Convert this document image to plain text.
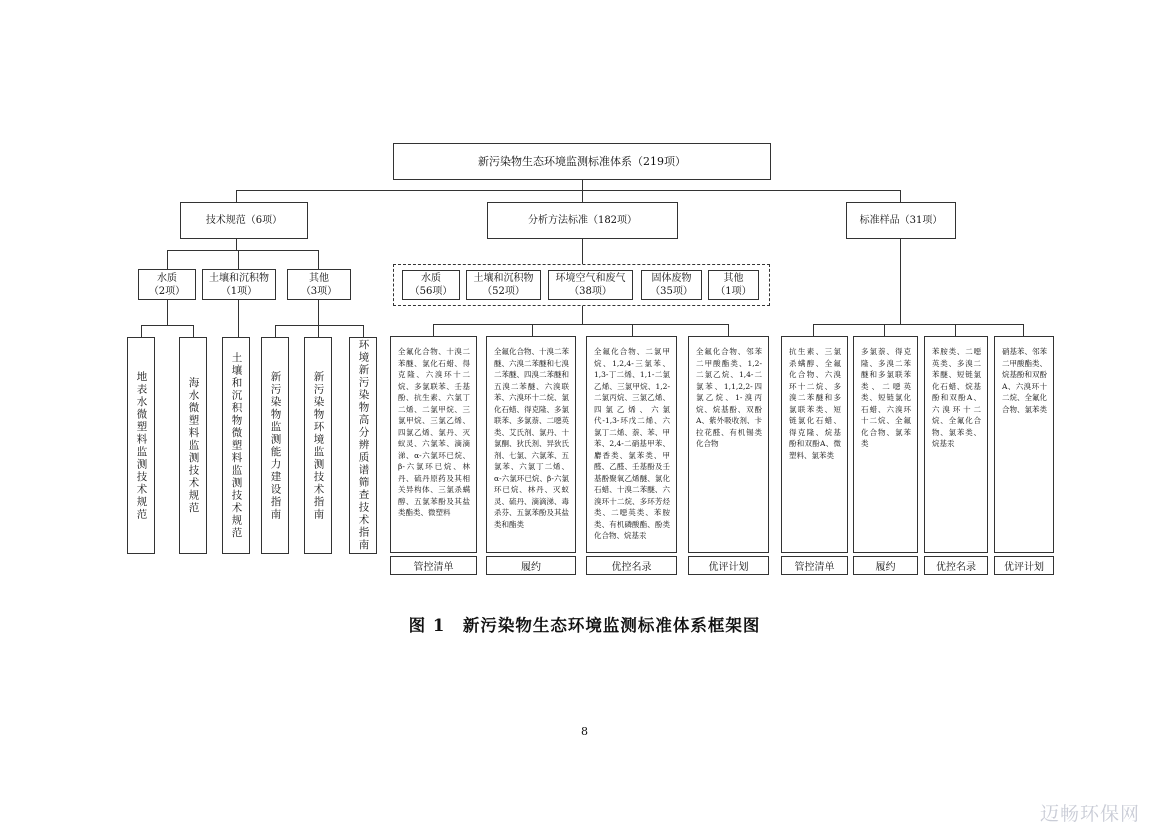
新污染物生态环境监测标准体系（219项）
技术规范（6项）	分析方法标准（182项）	标准样品（31项）
水质
（2项）
土壤和沉积物
（1项）
其他
（3项）
地表水微塑料监测技术规范	海水微塑料监测技术规范	土壤和沉积物微塑料监测技术规范	新污染物监测能力建设指南	新污染物环境监测技术指南	环境新污染物高分辨质谱筛查技术指南
水质
（56项）
土壤和沉积物
（52项）
环境空气和废气
（38项）
固体废物
（35项）
其他
（1项）
全氟化合物、十溴二苯醚、氯化石蜡、得克隆、六溴环十二烷、多氯联苯、壬基酚、抗生素、六氯丁二烯、二氯甲烷、三氯甲烷、三氯乙烯、四氯乙烯、氯丹、灭蚁灵、六氯苯、滴滴涕、α-六氯环已烷、β-六氯环已烷、林丹、硫丹原药及其相关异构体、三氯杀螨醇、五氯苯酚及其盐类酯类、微塑料
全氟化合物、十溴二苯醚、六溴二苯醚和七溴二苯醚、四溴二苯醚和五溴二苯醚、六溴联苯、六溴环十二烷、氯化石蜡、得克隆、多氯联苯、多氯萘、二噁英类、艾氏剂、氯丹、十氯酮、狄氏剂、异狄氏剂、七氯、六氯苯、五氯苯、六氯丁二烯、α-六氯环已烷、β-六氯环已烷、林丹、灭蚁灵、硫丹、滴滴涕、毒杀芬、五氯苯酚及其盐类和酯类
全氟化合物、二氯甲烷、1,2,4-三氯苯、1,3-丁二烯、1,1-二氯乙烯、三氯甲烷、1,2-二氯丙烷、三氯乙烯、四氯乙烯、六氯代-1,3-环戊二烯、六氯丁二烯、萘、苯、甲苯、2,4-二硝基甲苯、麝香类、氯苯类、甲醛、乙醛、壬基酚及壬基酚聚氧乙烯醚、氯化石蜡、十溴二苯醚、六溴环十二烷、多环芳烃类、二噁英类、苯胺类、有机磷酸酯、酚类化合物、烷基汞
全氟化合物、邻苯二甲酸酯类、1,2-二氯乙烷、1,4-二氯苯、1,1,2,2-四氯乙烷、1-溴丙烷、烷基酚、双酚A、紫外吸收剂、卡拉花醛、有机锡类化合物
管控清单	履约	优控名录	优评计划
抗生素、三氯杀螨醇、全氟化合物、六溴环十二烷、多溴二苯醚和多氯联苯类、短链氯化石蜡、得克隆、烷基酚和双酚A、微塑料、氯苯类
多氯萘、得克隆、多溴二苯醚和多氯联苯类、二噁英类、短链氯化石蜡、六溴环十二烷、全氟化合物、氯苯类
苯胺类、二噁英类、多溴二苯醚、短链氯化石蜡、烷基酚和双酚A、六溴环十二烷、全氟化合物、氯苯类、烷基汞
硝基苯、邻苯二甲酸酯类、烷基酚和双酚A、六溴环十二烷、全氟化合物、氯苯类
管控清单	履约	优控名录	优评计划
图 1　新污染物生态环境监测标准体系框架图
8
迈畅环保网
